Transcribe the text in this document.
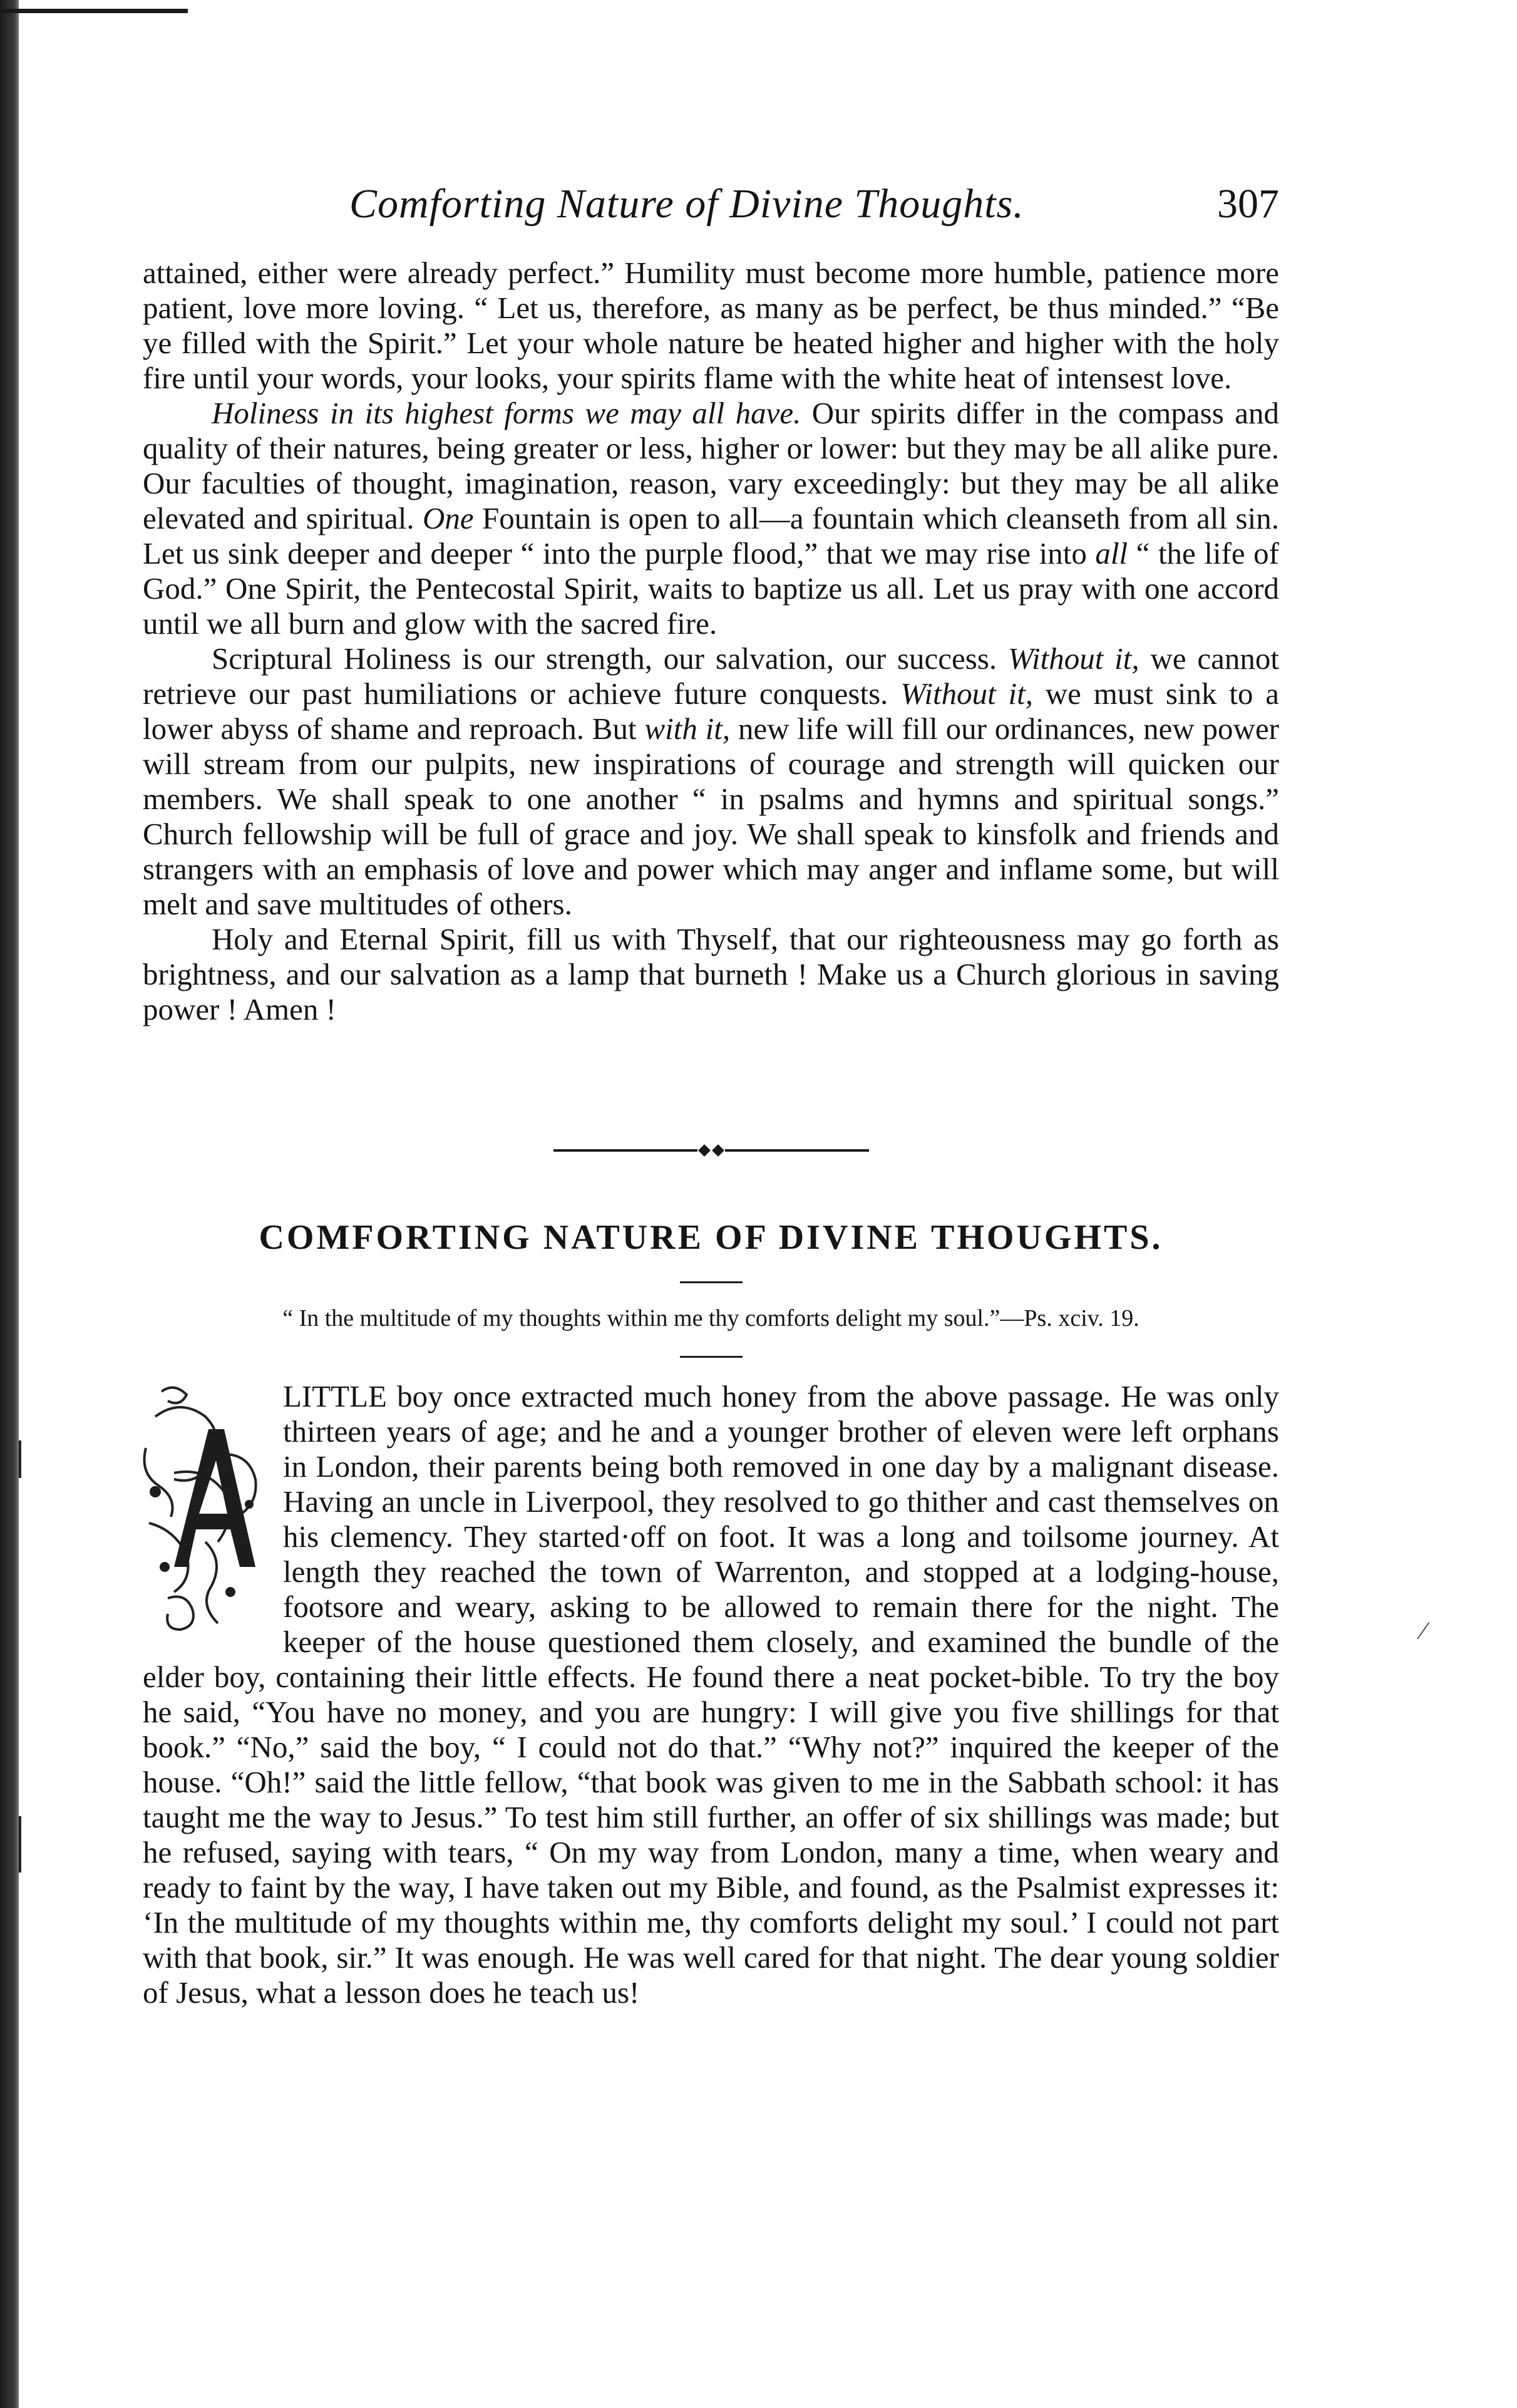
Comforting Nature of Divine Thoughts.	307

attained, either were already perfect.” Humility must become more humble, patience more patient, love more loving. “ Let us, therefore, as many as be perfect, be thus minded.” “Be ye filled with the Spirit.” Let your whole nature be heated higher and higher with the holy fire until your words, your looks, your spirits flame with the white heat of intensest love.

Holiness in its highest forms we may all have. Our spirits differ in the compass and quality of their natures, being greater or less, higher or lower: but they may be all alike pure. Our faculties of thought, imagination, reason, vary exceedingly: but they may be all alike elevated and spiritual. One Fountain is open to all—a fountain which cleanseth from all sin. Let us sink deeper and deeper “ into the purple flood,” that we may rise into all “ the life of God.” One Spirit, the Pentecostal Spirit, waits to baptize us all. Let us pray with one accord until we all burn and glow with the sacred fire.

Scriptural Holiness is our strength, our salvation, our success. Without it, we cannot retrieve our past humiliations or achieve future conquests. Without it, we must sink to a lower abyss of shame and reproach. But with it, new life will fill our ordinances, new power will stream from our pulpits, new inspirations of courage and strength will quicken our members. We shall speak to one another “ in psalms and hymns and spiritual songs.” Church fellowship will be full of grace and joy. We shall speak to kinsfolk and friends and strangers with an emphasis of love and power which may anger and inflame some, but will melt and save multitudes of others.

Holy and Eternal Spirit, fill us with Thyself, that our righteousness may go forth as brightness, and our salvation as a lamp that burneth ! Make us a Church glorious in saving power ! Amen !

COMFORTING NATURE OF DIVINE THOUGHTS.

“ In the multitude of my thoughts within me thy comforts delight my soul.”—Ps. xciv. 19.

A	LITTLE boy once extracted much honey from the above passage. He was only thirteen years of age; and he and a younger brother of eleven were left orphans in London, their parents being both removed in one day by a malignant disease. Having an uncle in Liverpool, they resolved to go thither and cast themselves on his clemency. They started·off on foot. It was a long and toilsome journey. At length they reached the town of Warrenton, and stopped at a lodging-house, footsore and weary, asking to be allowed to remain there for the night. The keeper of the house questioned them closely, and examined the bundle of the elder boy, containing their little effects. He found there a neat pocket-bible. To try the boy he said, “You have no money, and you are hungry: I will give you five shillings for that book.” “No,” said the boy, “ I could not do that.” “Why not?” inquired the keeper of the house. “Oh!” said the little fellow, “that book was given to me in the Sabbath school: it has taught me the way to Jesus.” To test him still further, an offer of six shillings was made; but he refused, saying with tears, “ On my way from London, many a time, when weary and ready to faint by the way, I have taken out my Bible, and found, as the Psalmist expresses it: ‘In the multitude of my thoughts within me, thy comforts delight my soul.’ I could not part with that book, sir.” It was enough. He was well cared for that night. The dear young soldier of Jesus, what a lesson does he teach us!

⁄
